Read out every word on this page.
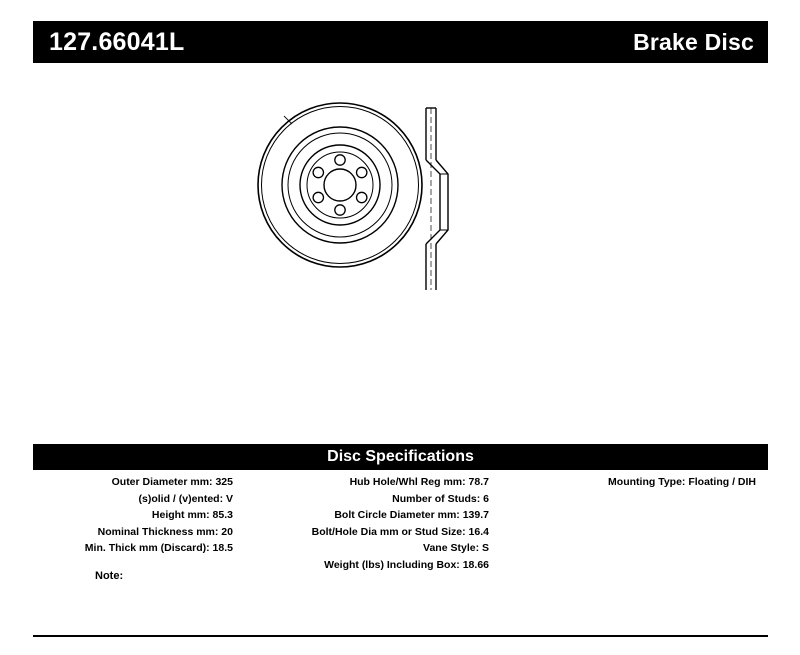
127.66041L	Brake Disc
Disc Specifications
Outer Diameter mm: 325
(s)olid / (v)ented: V
Height mm: 85.3
Nominal Thickness mm: 20
Min. Thick mm (Discard): 18.5
Hub Hole/Whl Reg mm: 78.7
Number of Studs: 6
Bolt Circle Diameter mm: 139.7
Bolt/Hole Dia mm or Stud Size: 16.4
Vane Style: S
Weight (lbs) Including Box: 18.66
Mounting Type: Floating / DIH
Note:
